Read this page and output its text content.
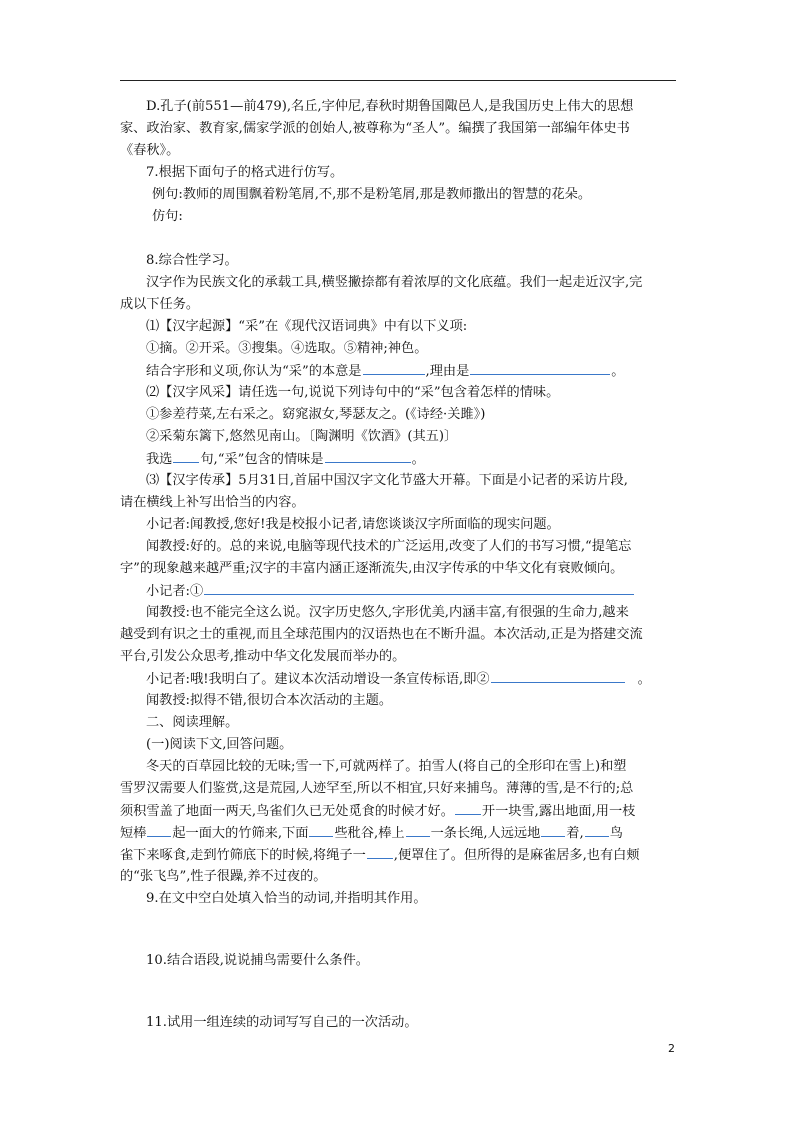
D.孔子(前551—前479),名丘,字仲尼,春秋时期鲁国陬邑人,是我国历史上伟大的思想
家、政治家、教育家,儒家学派的创始人,被尊称为“圣人”。编撰了我国第一部编年体史书
《春秋》。
7.根据下面句子的格式进行仿写。
例句:教师的周围飘着粉笔屑,不,那不是粉笔屑,那是教师撒出的智慧的花朵。
仿句:
8.综合性学习。
汉字作为民族文化的承载工具,横竖撇捺都有着浓厚的文化底蕴。我们一起走近汉字,完
成以下任务。
⑴【汉字起源】“采”在《现代汉语词典》中有以下义项:
①摘。②开采。③搜集。④选取。⑤精神;神色。
结合字形和义项,你认为“采”的本意是	,理由是	。
⑵【汉字风采】请任选一句,说说下列诗句中的“采”包含着怎样的情味。
①参差荇菜,左右采之。窈窕淑女,琴瑟友之。(《诗经·关雎》)
②采菊东篱下,悠然见南山。〔陶渊明《饮酒》(其五)〕
我选 句,“采”包含的情味是	。
⑶【汉字传承】5月31日,首届中国汉字文化节盛大开幕。下面是小记者的采访片段,
请在横线上补写出恰当的内容。
小记者:闻教授,您好!我是校报小记者,请您谈谈汉字所面临的现实问题。
闻教授:好的。总的来说,电脑等现代技术的广泛运用,改变了人们的书写习惯,“提笔忘
字”的现象越来越严重;汉字的丰富内涵正逐渐流失,由汉字传承的中华文化有衰败倾向。
小记者:①
闻教授:也不能完全这么说。汉字历史悠久,字形优美,内涵丰富,有很强的生命力,越来
越受到有识之士的重视,而且全球范围内的汉语热也在不断升温。本次活动,正是为搭建交流
平台,引发公众思考,推动中华文化发展而举办的。
小记者:哦!我明白了。建议本次活动增设一条宣传标语,即②	。
闻教授:拟得不错,很切合本次活动的主题。
二、阅读理解。
(一)阅读下文,回答问题。
冬天的百草园比较的无味;雪一下,可就两样了。拍雪人(将自己的全形印在雪上)和塑
雪罗汉需要人们鉴赏,这是荒园,人迹罕至,所以不相宜,只好来捕鸟。薄薄的雪,是不行的;总
须积雪盖了地面一两天,鸟雀们久已无处觅食的时候才好。 开一块雪,露出地面,用一枝
短棒 起一面大的竹筛来,下面 些秕谷,棒上 一条长绳,人远远地 着, 鸟
雀下来啄食,走到竹筛底下的时候,将绳子一 ,便罩住了。但所得的是麻雀居多,也有白颊
的“张飞鸟”,性子很躁,养不过夜的。
9.在文中空白处填入恰当的动词,并指明其作用。
10.结合语段,说说捕鸟需要什么条件。
11.试用一组连续的动词写写自己的一次活动。
2
